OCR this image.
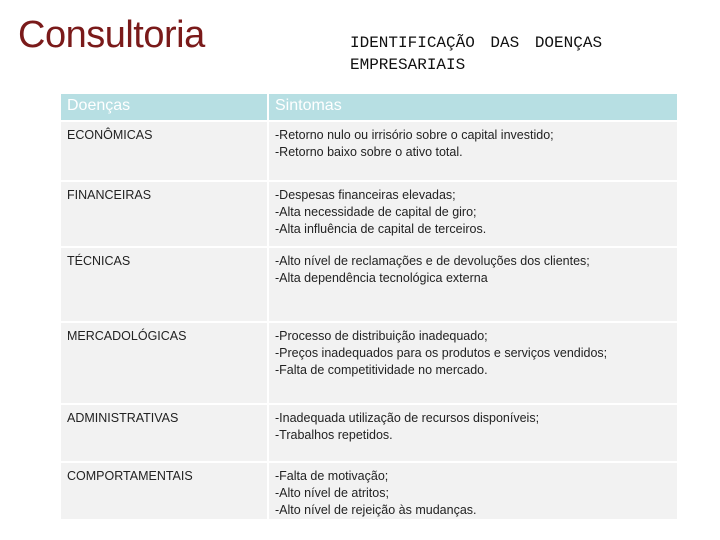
Consultoria	IDENTIFICAÇÃO DAS DOENÇAS
EMPRESARIAIS
Doenças	Sintomas
ECONÔMICAS	-Retorno nulo ou irrisório sobre o capital investido;
-Retorno baixo sobre o ativo total.

FINANCEIRAS	-Despesas financeiras elevadas;
-Alta necessidade de capital de giro;
-Alta influência de capital de terceiros.

TÉCNICAS	-Alto nível de reclamações e de devoluções dos clientes;
-Alta dependência tecnológica externa

MERCADOLÓGICAS	-Processo de distribuição inadequado;
-Preços inadequados para os produtos e serviços vendidos;
-Falta de competitividade no mercado.

ADMINISTRATIVAS	-Inadequada utilização de recursos disponíveis;
-Trabalhos repetidos.

COMPORTAMENTAIS	-Falta de motivação;
-Alto nível de atritos;
-Alto nível de rejeição às mudanças.
